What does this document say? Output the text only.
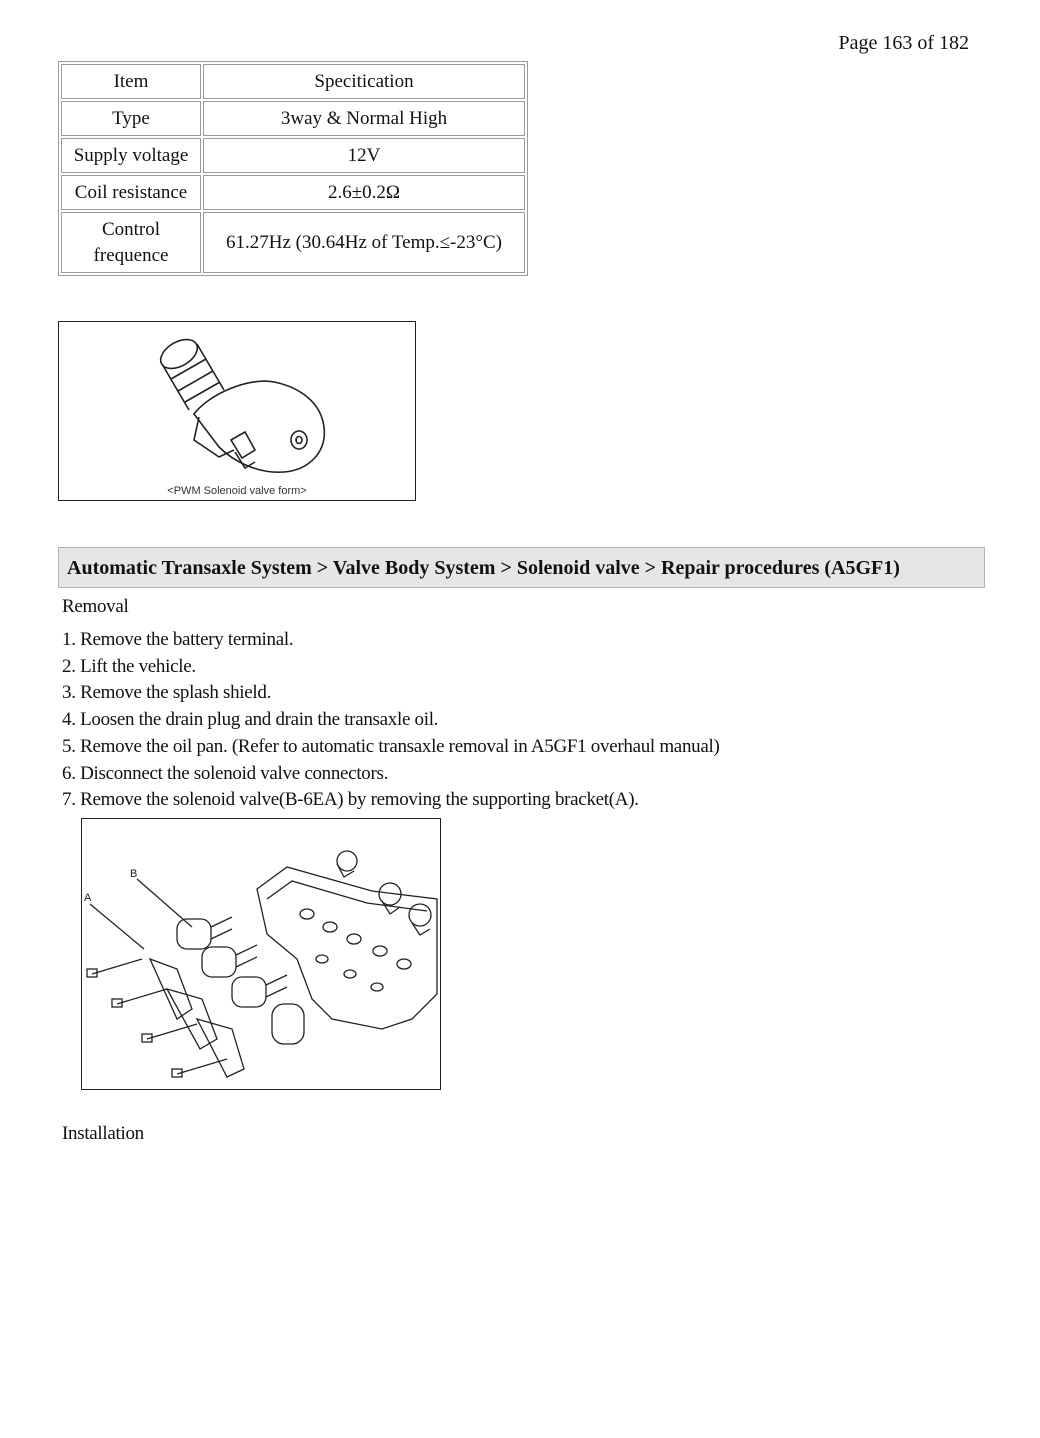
Page 163 of 182
Item	Specitication
Type	3way & Normal High
Supply voltage	12V
Coil resistance	2.6±0.2Ω
Control frequence	61.27Hz (30.64Hz of Temp.≤-23°C)
<PWM Solenoid valve form>
Automatic Transaxle System > Valve Body System > Solenoid valve > Repair procedures (A5GF1)
Removal
1. Remove the battery terminal.
2. Lift the vehicle.
3. Remove the splash shield.
4. Loosen the drain plug and drain the transaxle oil.
5. Remove the oil pan. (Refer to automatic transaxle removal in A5GF1 overhaul manual)
6. Disconnect the solenoid valve connectors.
7. Remove the solenoid valve(B-6EA) by removing the supporting bracket(A).
B
A
Installation
